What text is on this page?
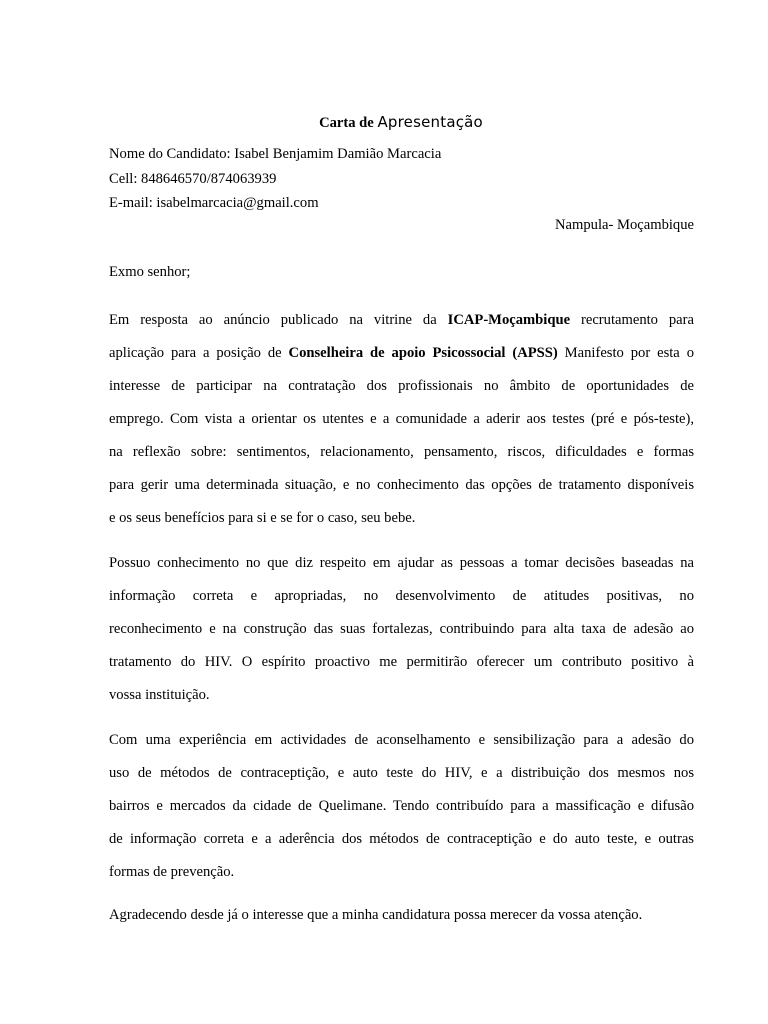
Carta de Apresentação
Nome do Candidato: Isabel Benjamim Damião Marcacia
Cell: 848646570/874063939
E-mail: isabelmarcacia@gmail.com
Nampula- Moçambique
Exmo senhor;
Em resposta ao anúncio publicado na vitrine da ICAP-Moçambique recrutamento para
aplicação para a posição de Conselheira de apoio Psicossocial (APSS) Manifesto por esta o
interesse de participar na contratação dos profissionais no âmbito de oportunidades de
emprego. Com vista a orientar os utentes e a comunidade a aderir aos testes (pré e pós-teste),
na reflexão sobre: sentimentos, relacionamento, pensamento, riscos, dificuldades e formas
para gerir uma determinada situação, e no conhecimento das opções de tratamento disponíveis
e os seus benefícios para si e se for o caso, seu bebe.
Possuo conhecimento no que diz respeito em ajudar as pessoas a tomar decisões baseadas na
informação correta e apropriadas, no desenvolvimento de atitudes positivas, no
reconhecimento e na construção das suas fortalezas, contribuindo para alta taxa de adesão ao
tratamento do HIV. O espírito proactivo me permitirão oferecer um contributo positivo à
vossa instituição.
Com uma experiência em actividades de aconselhamento e sensibilização para a adesão do
uso de métodos de contraceptição, e auto teste do HIV, e a distribuição dos mesmos nos
bairros e mercados da cidade de Quelimane. Tendo contribuído para a massificação e difusão
de informação correta e a aderência dos métodos de contraceptição e do auto teste, e outras
formas de prevenção.
Agradecendo desde já o interesse que a minha candidatura possa merecer da vossa atenção.
